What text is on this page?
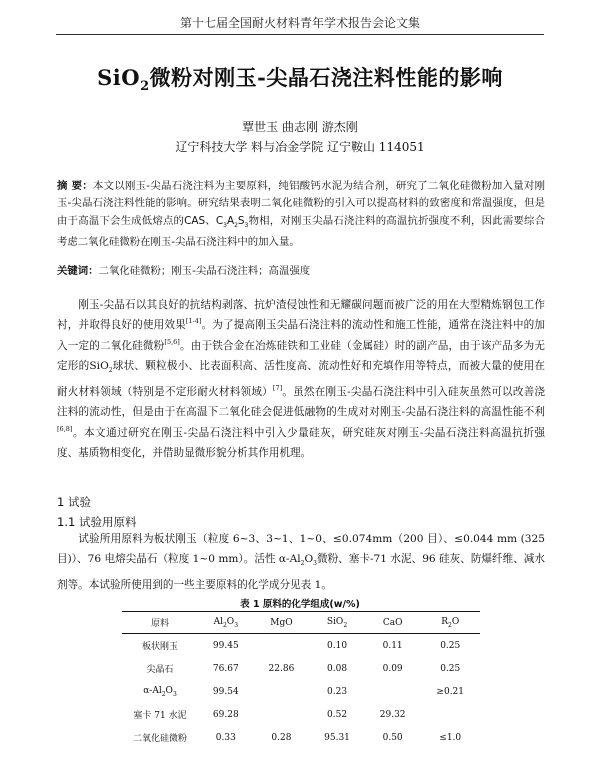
第十七届全国耐火材料青年学术报告会论文集
SiO$_2$微粉对刚玉-尖晶石浇注料性能的影响
覃世玉 曲志刚 游杰刚
辽宁科技大学 料与冶金学院 辽宁鞍山 114051
摘 要：本文以刚玉-尖晶石浇注料为主要原料，纯铝酸钙水泥为结合剂，研究了二氧化硅微粉加入量对刚玉-尖晶石浇注料性能的影响。研究结果表明二氧化硅微粉的引入可以提高材料的致密度和常温强度，但是由于高温下会生成低熔点的CAS、$C_3A_2S_3$物相，对刚玉尖晶石浇注料的高温抗折强度不利，因此需要综合考虑二氧化硅微粉在刚玉-尖晶石浇注料中的加入量。
关键词：二氧化硅微粉；刚玉-尖晶石浇注料；高温强度
刚玉-尖晶石以其良好的抗结构剥落、抗炉渣侵蚀性和无耀碳问题而被广泛的用在大型精炼钢包工作衬，并取得良好的使用效果[1-4]。为了提高刚玉尖晶石浇注料的流动性和施工性能，通常在浇注料中的加入一定的二氧化硅微粉[5,6]。由于铁合金在冶炼硅铁和工业硅（金属硅）时的副产品，由于该产品多为无定形的SiO$_2$球状、颗粒极小、比表面积高、活性度高、流动性好和充填作用等特点，而被大量的使用在耐火材料领域（特别是不定形耐火材料领域）[7]。虽然在刚玉-尖晶石浇注料中引入硅灰虽然可以改善浇注料的流动性，但是由于在高温下二氧化硅会促进低融物的生成对对刚玉-尖晶石浇注料的高温性能不利[6,8]。本文通过研究在刚玉-尖晶石浇注料中引入少量硅灰，研究硅灰对刚玉-尖晶石浇注料高温抗折强度、基质物相变化，并借助显微形貌分析其作用机理。
1 试验
1.1 试验用原料
试验所用原料为板状刚玉（粒度 6~3、3~1、1~0、≤0.074mm（200 目）、≤0.044 mm (325 目)）、76 电熔尖晶石（粒度 1~0 mm）。活性 $\alpha-Al_2O_3$微粉、塞卡-71 水泥、96 硅灰、防爆纤维、减水剂等。本试验所使用到的一些主要原料的化学成分见表 1。
表 1 原料的化学组成(w/%)
原料	$Al_2O_3$	MgO	SiO$_2$	CaO	$R_2O$
板状刚玉	99.45		0.10	0.11	0.25
尖晶石	76.67	22.86	0.08	0.09	0.25
$\alpha-Al_2O_3$	99.54		0.23		≥0.21
塞卡 71 水泥	69.28		0.52	29.32	
二氧化硅微粉	0.33	0.28	95.31	0.50	≤1.0
